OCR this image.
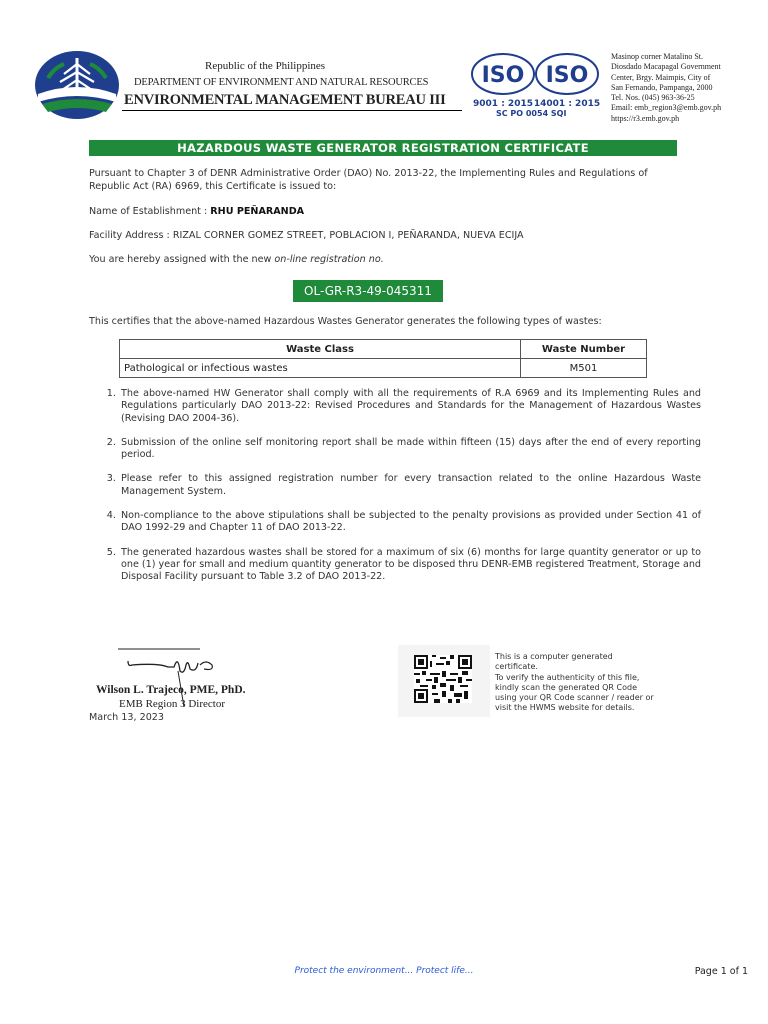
Republic of the Philippines
DEPARTMENT OF ENVIRONMENT AND NATURAL RESOURCES
ENVIRONMENTAL MANAGEMENT BUREAU III
ISO ISO
9001 : 2015 14001 : 2015
SC PO 0054 SQI
Masinop corner Matalino St.
Diosdado Macapagal Government
Center, Brgy. Maimpis, City of
San Fernando, Pampanga, 2000
Tel. Nos. (045) 963-36-25
Email: emb_region3@emb.gov.ph
https://r3.emb.gov.ph
HAZARDOUS WASTE GENERATOR REGISTRATION CERTIFICATE
Pursuant to Chapter 3 of DENR Administrative Order (DAO) No. 2013-22, the Implementing Rules and Regulations of Republic Act (RA) 6969, this Certificate is issued to:
Name of Establishment : RHU PEÑARANDA
Facility Address : RIZAL CORNER GOMEZ STREET, POBLACION I, PEÑARANDA, NUEVA ECIJA
You are hereby assigned with the new on-line registration no.
OL-GR-R3-49-045311
This certifies that the above-named Hazardous Wastes Generator generates the following types of wastes:
Waste Class	Waste Number
Pathological or infectious wastes	M501
1. The above-named HW Generator shall comply with all the requirements of R.A 6969 and its Implementing Rules and Regulations particularly DAO 2013-22: Revised Procedures and Standards for the Management of Hazardous Wastes (Revising DAO 2004-36).
2. Submission of the online self monitoring report shall be made within fifteen (15) days after the end of every reporting period.
3. Please refer to this assigned registration number for every transaction related to the online Hazardous Waste Management System.
4. Non-compliance to the above stipulations shall be subjected to the penalty provisions as provided under Section 41 of DAO 1992-29 and Chapter 11 of DAO 2013-22.
5. The generated hazardous wastes shall be stored for a maximum of six (6) months for large quantity generator or up to one (1) year for small and medium quantity generator to be disposed thru DENR-EMB registered Treatment, Storage and Disposal Facility pursuant to Table 3.2 of DAO 2013-22.
Wilson L. Trajeco, PME, PhD.
EMB Region 3 Director
March 13, 2023
This is a computer generated
certificate.
To verify the authenticity of this file,
kindly scan the generated QR Code
using your QR Code scanner / reader or
visit the HWMS website for details.
Protect the environment... Protect life...	Page 1 of 1
